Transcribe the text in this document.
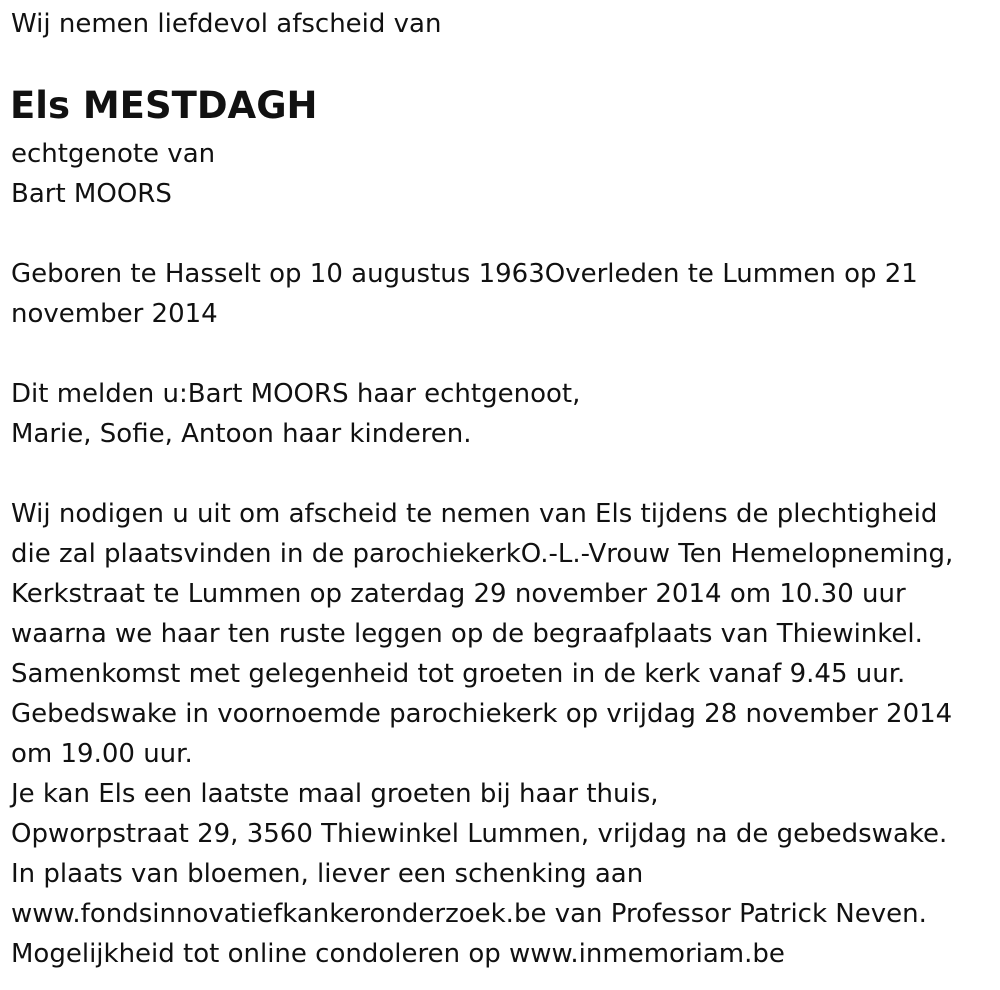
Wij nemen liefdevol afscheid van
Els MESTDAGH
echtgenote van
Bart MOORS
Geboren te Hasselt op 10 augustus 1963Overleden te Lummen op 21
november 2014
Dit melden u:Bart MOORS haar echtgenoot,
Marie, Sofie, Antoon haar kinderen.
Wij nodigen u uit om afscheid te nemen van Els tijdens de plechtigheid
die zal plaatsvinden in de parochiekerkO.-L.-Vrouw Ten Hemelopneming,
Kerkstraat te Lummen op zaterdag 29 november 2014 om 10.30 uur
waarna we haar ten ruste leggen op de begraafplaats van Thiewinkel.
Samenkomst met gelegenheid tot groeten in de kerk vanaf 9.45 uur.
Gebedswake in voornoemde parochiekerk op vrijdag 28 november 2014
om 19.00 uur.
Je kan Els een laatste maal groeten bij haar thuis,
Opworpstraat 29, 3560 Thiewinkel Lummen, vrijdag na de gebedswake.
In plaats van bloemen, liever een schenking aan
www.fondsinnovatiefkankeronderzoek.be van Professor Patrick Neven.
Mogelijkheid tot online condoleren op www.inmemoriam.be
